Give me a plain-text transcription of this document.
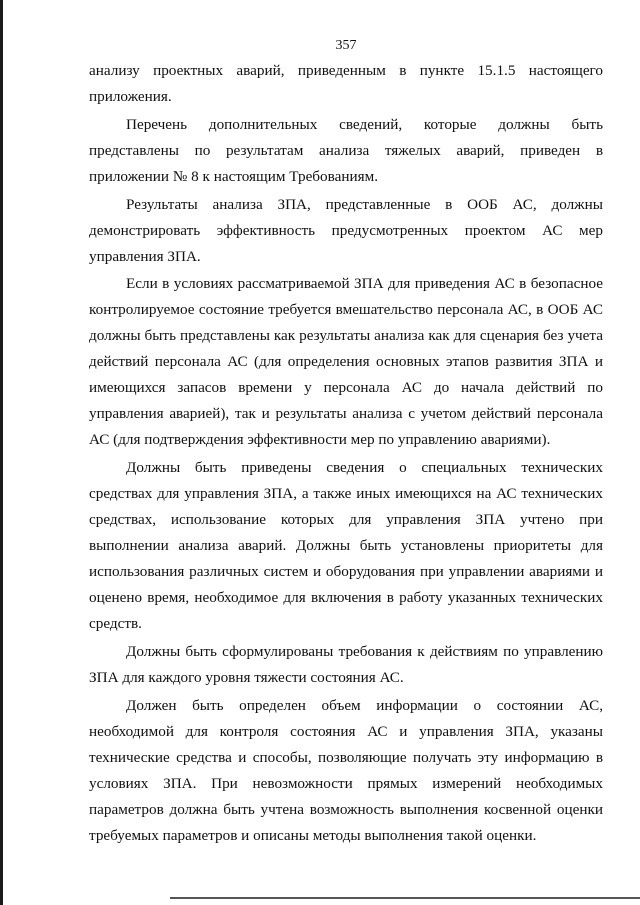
357

анализу проектных аварий, приведенным в пункте 15.1.5 настоящего приложения.

Перечень дополнительных сведений, которые должны быть представлены по результатам анализа тяжелых аварий, приведен в приложении № 8 к настоящим Требованиям.

Результаты анализа ЗПА, представленные в ООБ АС, должны демонстрировать эффективность предусмотренных проектом АС мер управления ЗПА.

Если в условиях рассматриваемой ЗПА для приведения АС в безопасное контролируемое состояние требуется вмешательство персонала АС, в ООБ АС должны быть представлены как результаты анализа как для сценария без учета действий персонала АС (для определения основных этапов развития ЗПА и имеющихся запасов времени у персонала АС до начала действий по управления аварией), так и результаты анализа с учетом действий персонала АС (для подтверждения эффективности мер по управлению авариями).

Должны быть приведены сведения о специальных технических средствах для управления ЗПА, а также иных имеющихся на АС технических средствах, использование которых для управления ЗПА учтено при выполнении анализа аварий. Должны быть установлены приоритеты для использования различных систем и оборудования при управлении авариями и оценено время, необходимое для включения в работу указанных технических средств.

Должны быть сформулированы требования к действиям по управлению ЗПА для каждого уровня тяжести состояния АС.

Должен быть определен объем информации о состоянии АС, необходимой для контроля состояния АС и управления ЗПА, указаны технические средства и способы, позволяющие получать эту информацию в условиях ЗПА. При невозможности прямых измерений необходимых параметров должна быть учтена возможность выполнения косвенной оценки требуемых параметров и описаны методы выполнения такой оценки.
